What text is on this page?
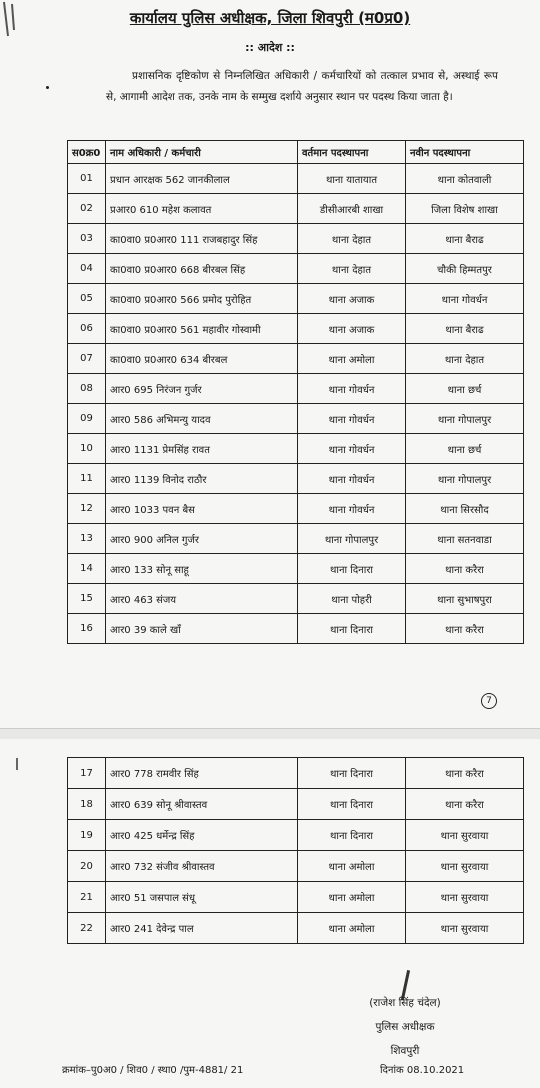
कार्यालय पुलिस अधीक्षक, जिला शिवपुरी (म0प्र0)
:: आदेश ::
प्रशासनिक दृष्टिकोण से निम्नलिखित अधिकारी / कर्मचारियों को तत्काल प्रभाव से, अस्थाई रूप से, आगामी आदेश तक, उनके नाम के सम्मुख दर्शाये अनुसार स्थान पर पदस्थ किया जाता है।
स0क्र0	नाम अधिकारी / कर्मचारी	वर्तमान पदस्थापना	नवीन पदस्थापना
01	प्रधान आरक्षक 562 जानकीलाल	थाना यातायात	थाना कोतवाली
02	प्रआर0 610 महेश कलावत	डीसीआरबी शाखा	जिला विशेष शाखा
03	का0वा0 प्र0आर0 111 राजबहादुर सिंह	थाना देहात	थाना बैराढ
04	का0वा0 प्र0आर0 668 बीरबल सिंह	थाना देहात	चौकी हिम्मतपुर
05	का0वा0 प्र0आर0 566 प्रमोद पुरोहित	थाना अजाक	थाना गोवर्धन
06	का0वा0 प्र0आर0 561 महावीर गोस्वामी	थाना अजाक	थाना बैराढ
07	का0वा0 प्र0आर0 634 बीरबल	थाना अमोला	थाना देहात
08	आर0 695 निरंजन गुर्जर	थाना गोवर्धन	थाना छर्च
09	आर0 586 अभिमन्यु यादव	थाना गोवर्धन	थाना गोपालपुर
10	आर0 1131 प्रेमसिंह रावत	थाना गोवर्धन	थाना छर्च
11	आर0 1139 विनोद राठौर	थाना गोवर्धन	थाना गोपालपुर
12	आर0 1033 पवन बैस	थाना गोवर्धन	थाना सिरसौद
13	आर0 900 अनिल गुर्जर	थाना गोपालपुर	थाना सतनवाडा
14	आर0 133 सोनू साहू	थाना दिनारा	थाना करैरा
15	आर0 463 संजय	थाना पोहरी	थाना सुभाषपुरा
16	आर0 39 काले खाँ	थाना दिनारा	थाना करैरा
7
17	आर0 778 रामवीर सिंह	थाना दिनारा	थाना करैरा
18	आर0 639 सोनू श्रीवास्तव	थाना दिनारा	थाना करैरा
19	आर0 425 धर्मेन्द्र सिंह	थाना दिनारा	थाना सुरवाया
20	आर0 732 संजीव श्रीवास्तव	थाना अमोला	थाना सुरवाया
21	आर0 51 जसपाल संधू	थाना अमोला	थाना सुरवाया
22	आर0 241 देवेन्द्र पाल	थाना अमोला	थाना सुरवाया
(राजेश सिंह चंदेल)
पुलिस अधीक्षक
शिवपुरी
क्रमांक–पु0अ0 / शिव0 / स्था0 /पुम-4881/ 21	दिनांक 08.10.2021
